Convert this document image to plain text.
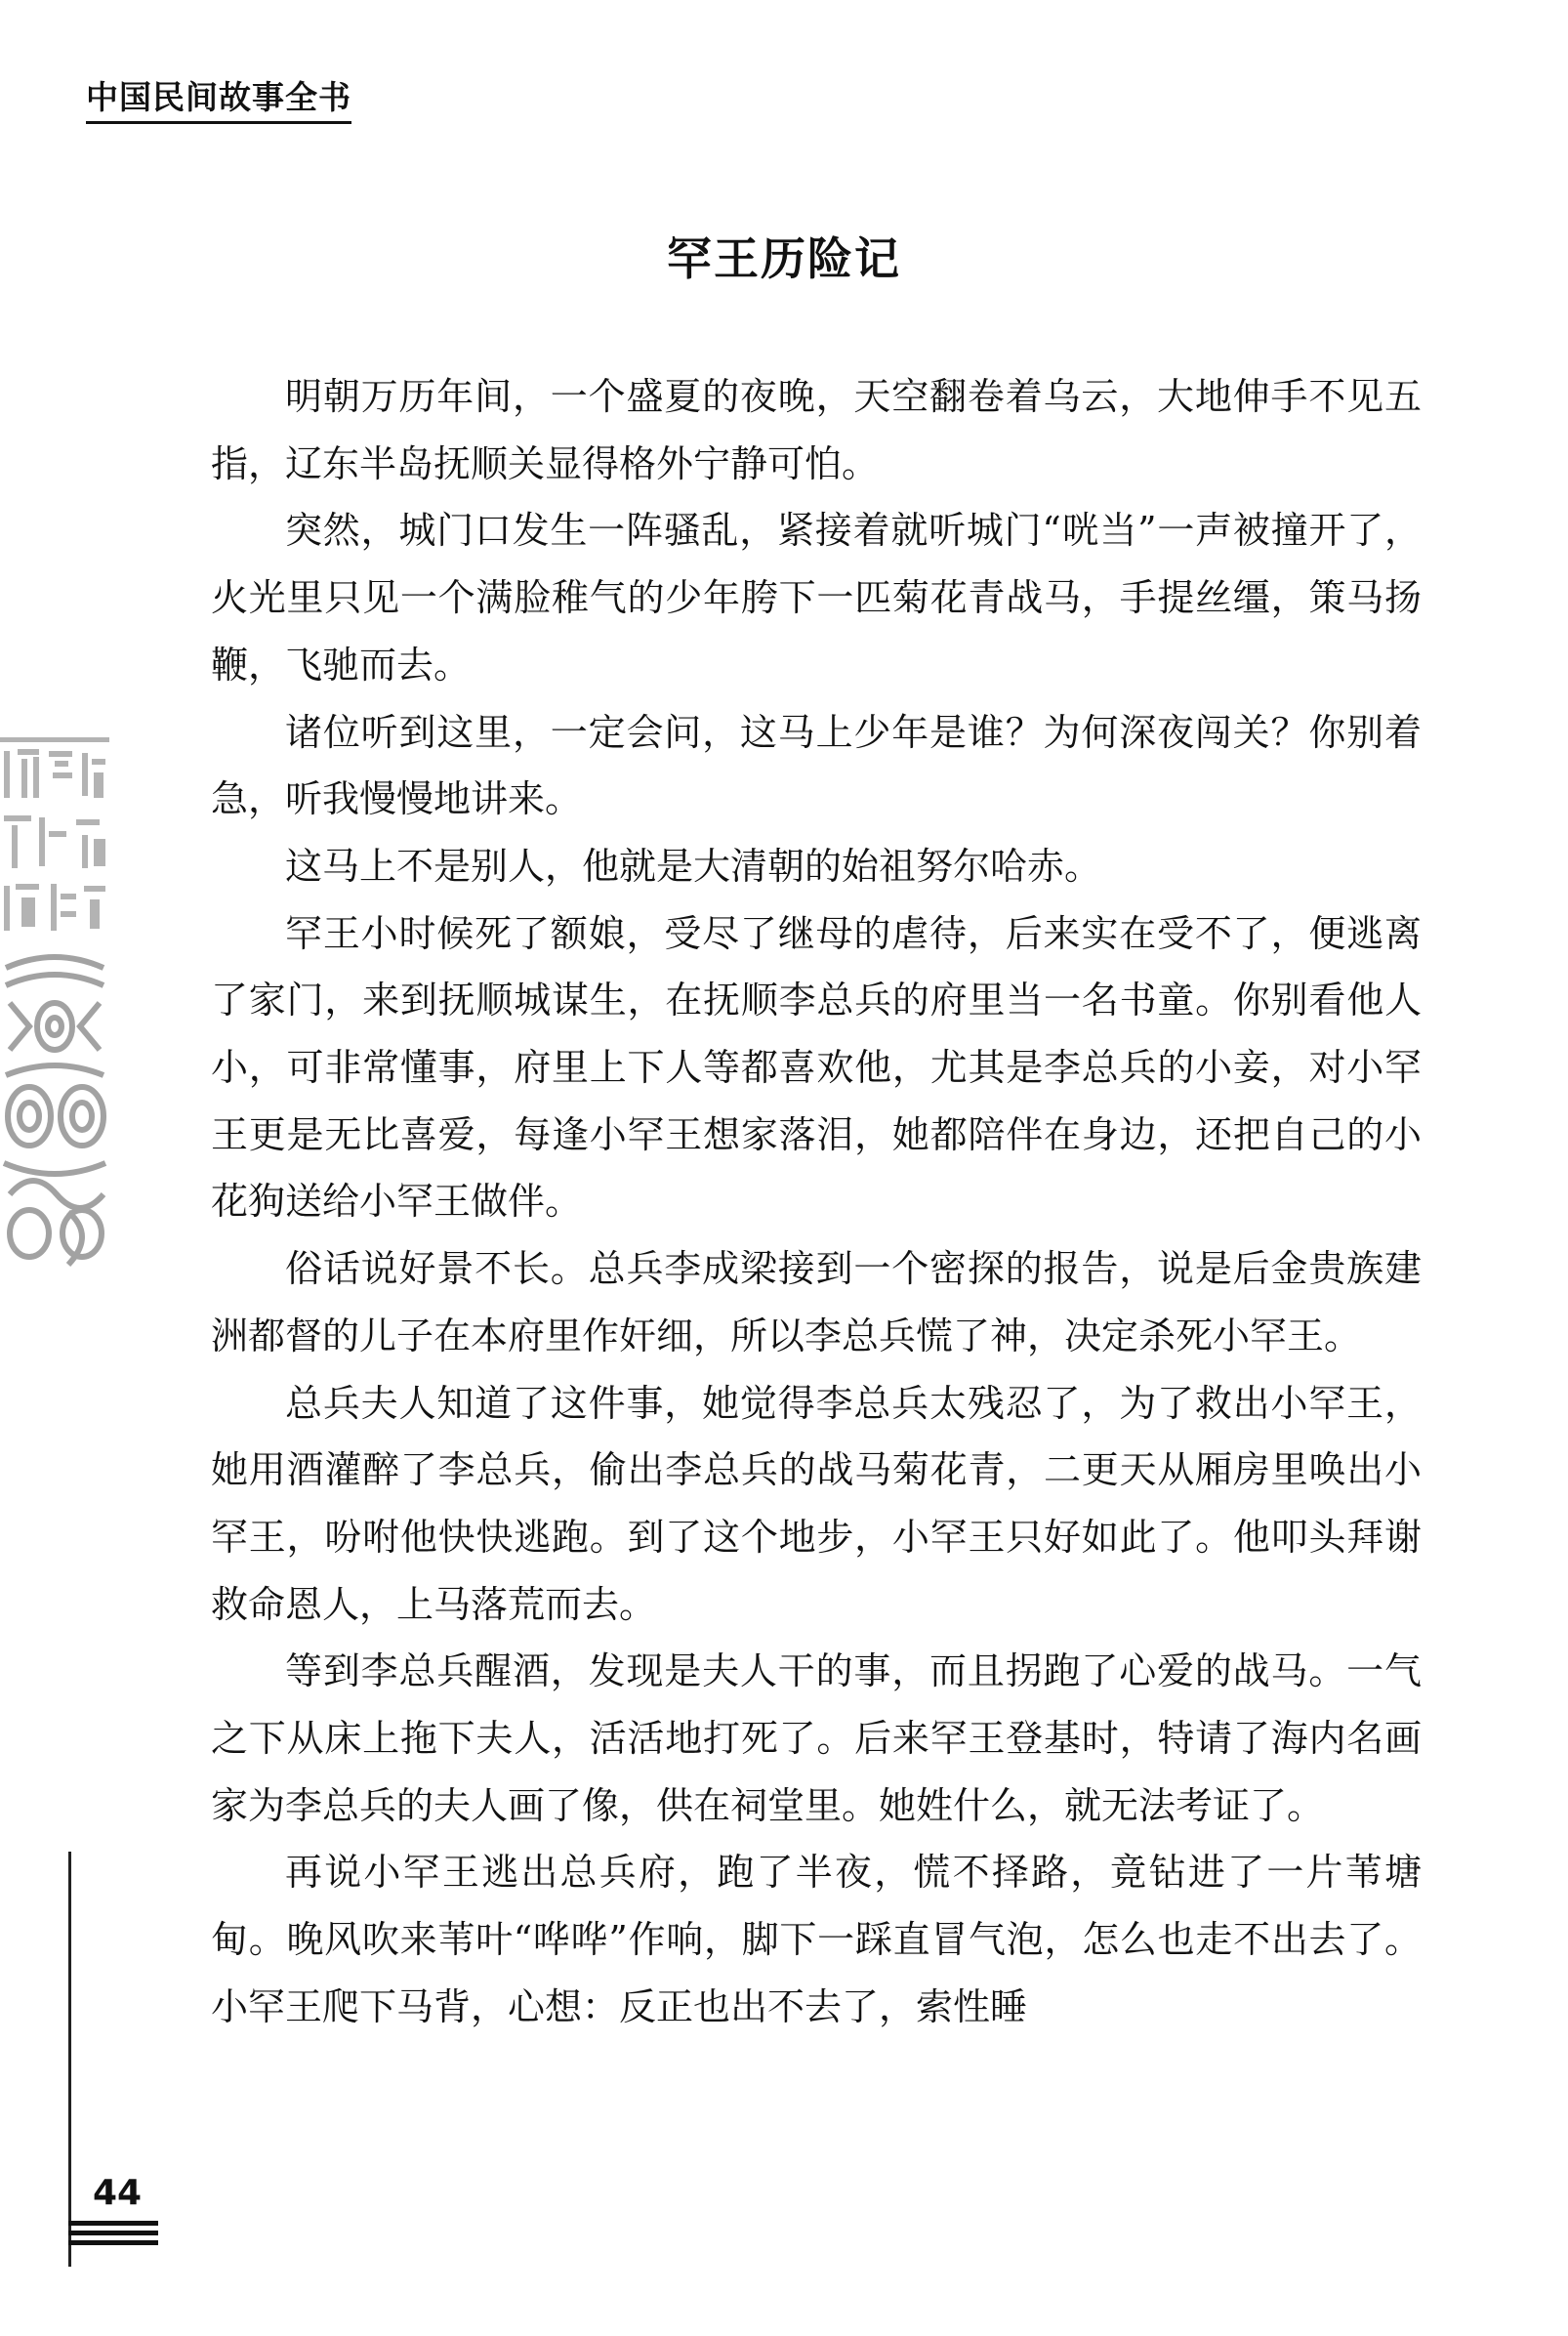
中国民间故事全书
罕王历险记

明朝万历年间，一个盛夏的夜晚，天空翻卷着乌云，大地伸手不见五指，辽东半岛抚顺关显得格外宁静可怕。

突然，城门口发生一阵骚乱，紧接着就听城门“咣当”一声被撞开了，火光里只见一个满脸稚气的少年胯下一匹菊花青战马，手提丝缰，策马扬鞭，飞驰而去。

诸位听到这里，一定会问，这马上少年是谁？为何深夜闯关？你别着急，听我慢慢地讲来。

这马上不是别人，他就是大清朝的始祖努尔哈赤。

罕王小时候死了额娘，受尽了继母的虐待，后来实在受不了，便逃离了家门，来到抚顺城谋生，在抚顺李总兵的府里当一名书童。你别看他人小，可非常懂事，府里上下人等都喜欢他，尤其是李总兵的小妾，对小罕王更是无比喜爱，每逢小罕王想家落泪，她都陪伴在身边，还把自己的小花狗送给小罕王做伴。

俗话说好景不长。总兵李成梁接到一个密探的报告，说是后金贵族建洲都督的儿子在本府里作奸细，所以李总兵慌了神，决定杀死小罕王。

总兵夫人知道了这件事，她觉得李总兵太残忍了，为了救出小罕王，她用酒灌醉了李总兵，偷出李总兵的战马菊花青，二更天从厢房里唤出小罕王，吩咐他快快逃跑。到了这个地步，小罕王只好如此了。他叩头拜谢救命恩人，上马落荒而去。

等到李总兵醒酒，发现是夫人干的事，而且拐跑了心爱的战马。一气之下从床上拖下夫人，活活地打死了。后来罕王登基时，特请了海内名画家为李总兵的夫人画了像，供在祠堂里。她姓什么，就无法考证了。

再说小罕王逃出总兵府，跑了半夜，慌不择路，竟钻进了一片苇塘甸。晚风吹来苇叶“哗哗”作响，脚下一踩直冒气泡，怎么也走不出去了。小罕王爬下马背，心想：反正也出不去了，索性睡

44
